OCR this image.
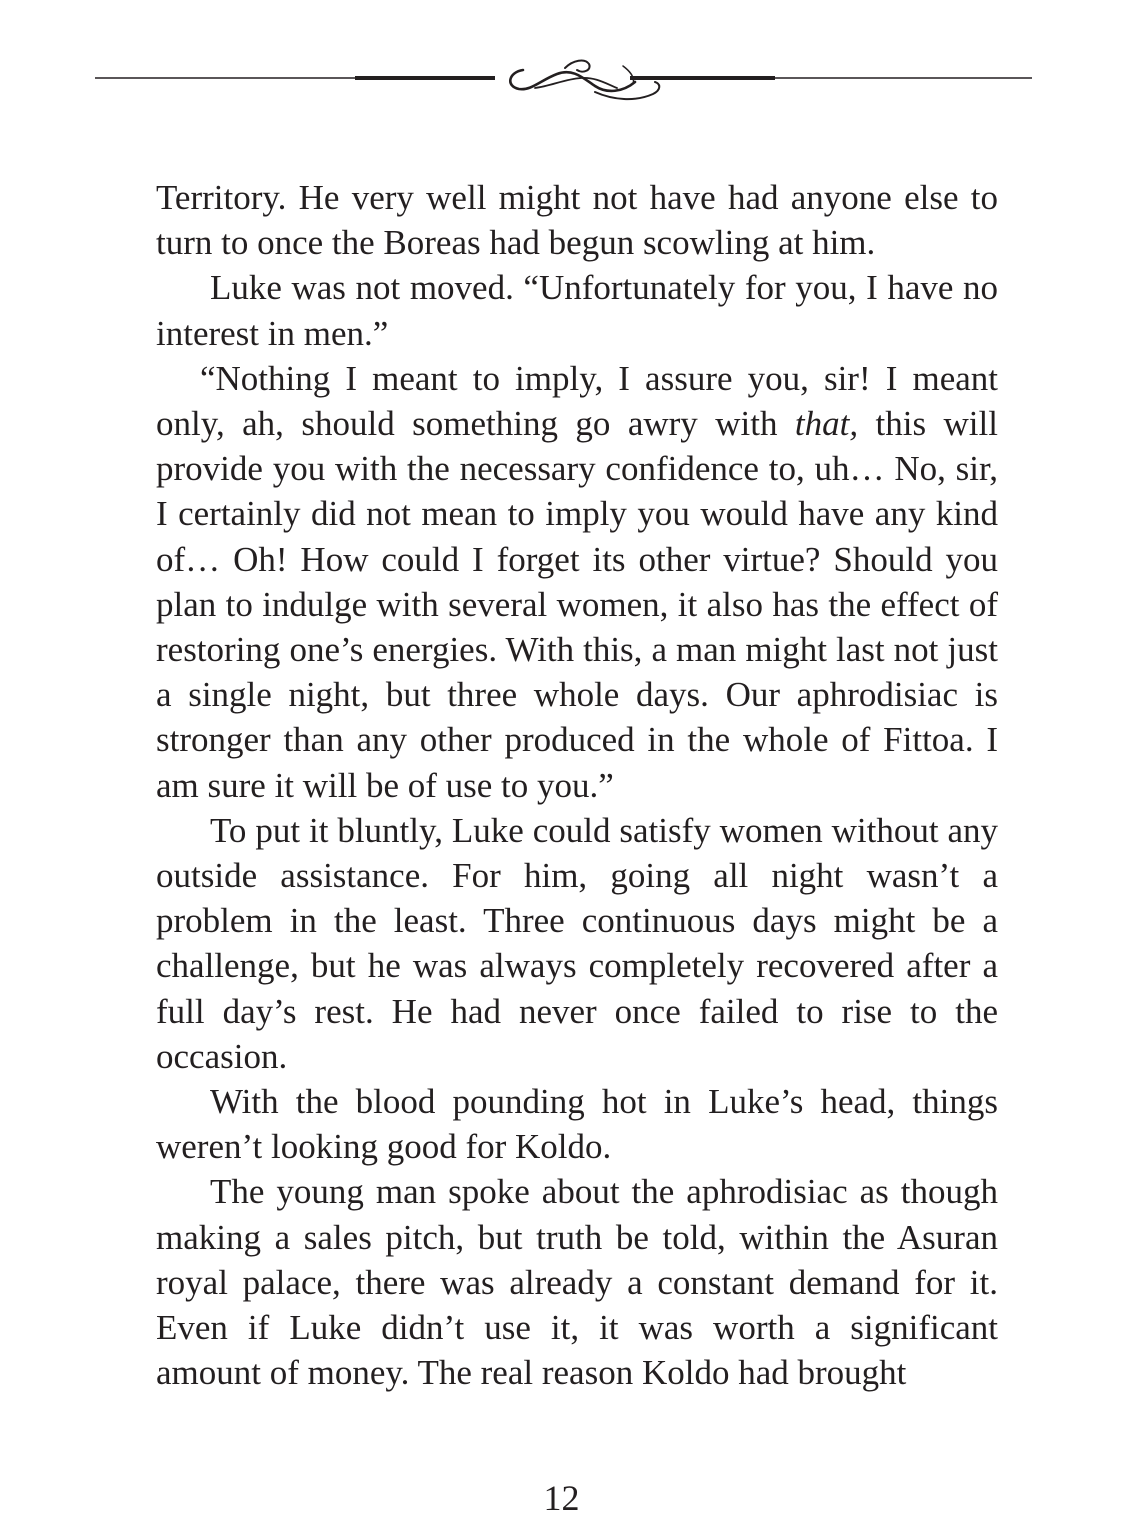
Territory. He very well might not have had anyone else to turn to once the Boreas had begun scowling at him.

Luke was not moved. “Unfortunately for you, I have no interest in men.”

“Nothing I meant to imply, I assure you, sir! I meant only, ah, should something go awry with that, this will provide you with the necessary confidence to, uh… No, sir, I certainly did not mean to imply you would have any kind of… Oh! How could I forget its other virtue? Should you plan to indulge with several women, it also has the effect of restoring one’s energies. With this, a man might last not just a single night, but three whole days. Our aphrodisiac is stronger than any other produced in the whole of Fittoa. I am sure it will be of use to you.”

To put it bluntly, Luke could satisfy women without any outside assistance. For him, going all night wasn’t a problem in the least. Three continuous days might be a challenge, but he was always completely recovered after a full day’s rest. He had never once failed to rise to the occasion.

With the blood pounding hot in Luke’s head, things weren’t looking good for Koldo.

The young man spoke about the aphrodisiac as though making a sales pitch, but truth be told, within the Asuran royal palace, there was already a constant demand for it. Even if Luke didn’t use it, it was worth a significant amount of money. The real reason Koldo had brought

12
